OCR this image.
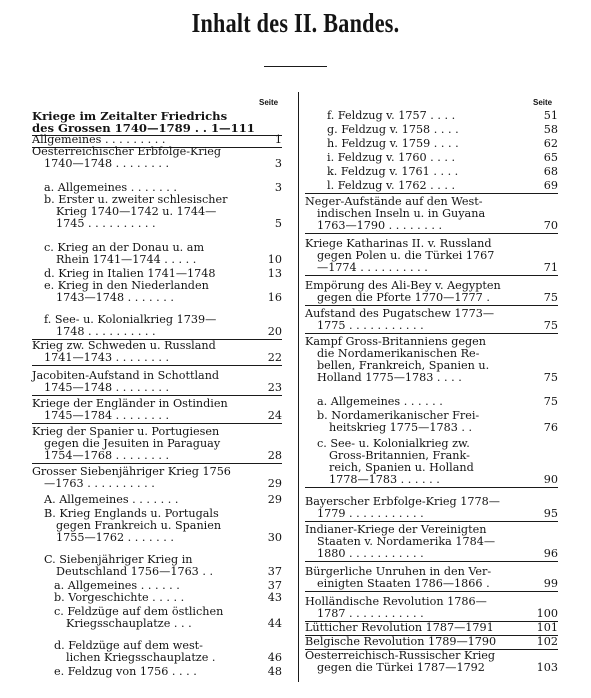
Inhalt des II. Bandes.
Seite	Seite
Kriege im Zeitalter Friedrichs
des Grossen 1740—1789 . . 1—111
Allgemeines . . . . . . . . .	1
Oesterreichischer Erbfolge-Krieg
1740—1748 . . . . . . . .	3
a. Allgemeines . . . . . . .	3
b. Erster u. zweiter schlesischer
Krieg 1740—1742 u. 1744—
1745 . . . . . . . . . .	5
c. Krieg an der Donau u. am
Rhein 1741—1744 . . . . .	10
d. Krieg in Italien 1741—1748	13
e. Krieg in den Niederlanden
1743—1748 . . . . . . .	16
f. See- u. Kolonialkrieg 1739—
1748 . . . . . . . . . .	20
Krieg zw. Schweden u. Russland
1741—1743 . . . . . . . .	22
Jacobiten-Aufstand in Schottland
1745—1748 . . . . . . . .	23
Kriege der Engländer in Ostindien
1745—1784 . . . . . . . .	24
Krieg der Spanier u. Portugiesen
gegen die Jesuiten in Paraguay
1754—1768 . . . . . . . .	28
Grosser Siebenjähriger Krieg 1756
—1763 . . . . . . . . . .	29
A. Allgemeines . . . . . . .	29
B. Krieg Englands u. Portugals
gegen Frankreich u. Spanien
1755—1762 . . . . . . .	30
C. Siebenjähriger Krieg in
Deutschland 1756—1763 . .	37
a. Allgemeines . . . . . .	37
b. Vorgeschichte . . . . .	43
c. Feldzüge auf dem östlichen
Kriegsschauplatze . . .	44
d. Feldzüge auf dem west-
lichen Kriegsschauplatze .	46
e. Feldzug von 1756 . . . .	48
f. Feldzug v. 1757 . . . .	51
g. Feldzug v. 1758 . . . .	58
h. Feldzug v. 1759 . . . .	62
i. Feldzug v. 1760 . . . .	65
k. Feldzug v. 1761 . . . .	68
l. Feldzug v. 1762 . . . .	69
Neger-Aufstände auf den West-
indischen Inseln u. in Guyana
1763—1790 . . . . . . . .	70
Kriege Katharinas II. v. Russland
gegen Polen u. die Türkei 1767
—1774 . . . . . . . . . .	71
Empörung des Ali-Bey v. Aegypten
gegen die Pforte 1770—1777 .	75
Aufstand des Pugatschew 1773—
1775 . . . . . . . . . . .	75
Kampf Gross-Britanniens gegen
die Nordamerikanischen Re-
bellen, Frankreich, Spanien u.
Holland 1775—1783 . . . .	75
a. Allgemeines . . . . . .	75
b. Nordamerikanischer Frei-
heitskrieg 1775—1783 . .	76
c. See- u. Kolonialkrieg zw.
Gross-Britannien, Frank-
reich, Spanien u. Holland
1778—1783 . . . . . .	90
Bayerscher Erbfolge-Krieg 1778—
1779 . . . . . . . . . . .	95
Indianer-Kriege der Vereinigten
Staaten v. Nordamerika 1784—
1880 . . . . . . . . . . .	96
Bürgerliche Unruhen in den Ver-
einigten Staaten 1786—1866 .	99
Holländische Revolution 1786—
1787 . . . . . . . . . . .	100
Lütticher Revolution 1787—1791	101
Belgische Revolution 1789—1790	102
Oesterreichisch-Russischer Krieg
gegen die Türkei 1787—1792	103
